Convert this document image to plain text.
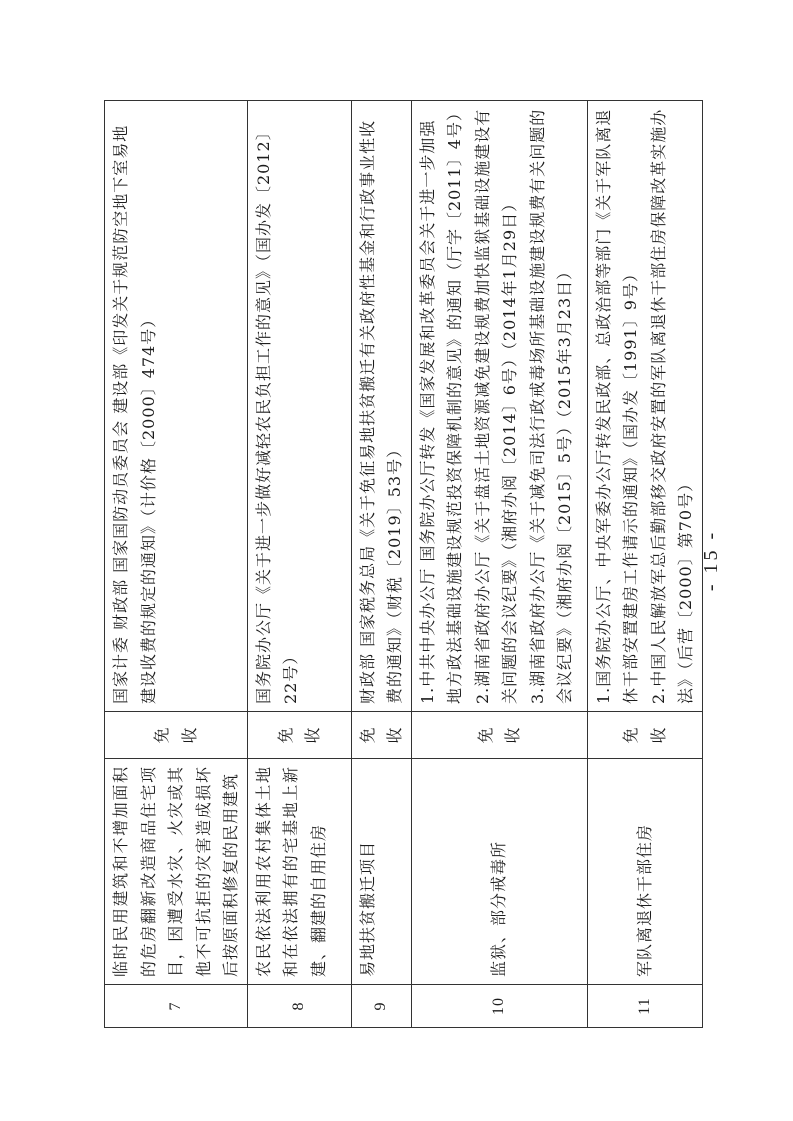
7	临时民用建筑和不增加面积的危房翻新改造商品住宅项目，因遭受水灾、火灾或其他不可抗拒的灾害造成损坏后按原面积修复的民用建筑	免收	国家计委 财政部 国家国防动员委员会 建设部《印发关于规范防空地下室易地建设收费的规定的通知》（计价格〔2000〕474号）

8	农民依法利用农村集体土地和在依法拥有的宅基地上新建、翻建的自用住房	免收	国务院办公厅《关于进一步做好减轻农民负担工作的意见》（国办发〔2012〕22号）

9	易地扶贫搬迁项目	免收	财政部 国家税务总局《关于免征易地扶贫搬迁有关政府性基金和行政事业性收费的通知》（财税〔2019〕53号）

10	监狱、部分戒毒所	免收	1.中共中央办公厅 国务院办公厅转发《国家发展和改革委员会关于进一步加强地方政法基础设施建设规范投资保障机制的意见》的通知（厅字〔2011〕4号） 2.湖南省政府办公厅《关于盘活土地资源减免建设规费加快监狱基础设施建设有关问题的会议纪要》（湘府办阅〔2014〕6号）（2014年1月29日） 3.湖南省政府办公厅《关于减免司法行政戒毒场所基础设施建设规费有关问题的会议纪要》（湘府办阅〔2015〕5号）（2015年3月23日）

11	军队离退休干部住房	免收	1.国务院办公厅、中央军委办公厅转发民政部、总政治部等部门《关于军队离退休干部安置建房工作请示的通知》（国办发〔1991〕9号） 2.中国人民解放军总后勤部移交政府安置的军队离退休干部住房保障改革实施办法》（后营〔2000〕第70号） - 15 -
